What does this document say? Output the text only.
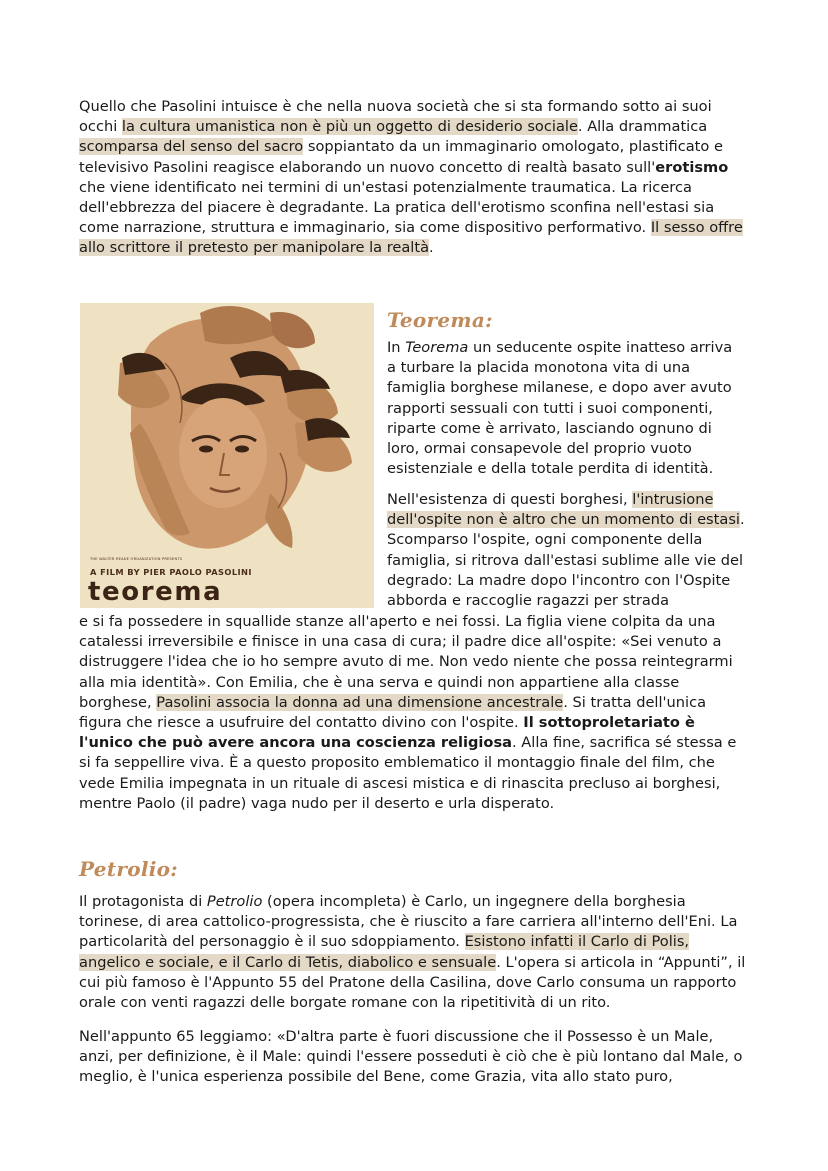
Quello che Pasolini intuisce è che nella nuova società che si sta formando sotto ai suoi occhi la cultura umanistica non è più un oggetto di desiderio sociale. Alla drammatica scomparsa del senso del sacro soppiantato da un immaginario omologato, plastificato e televisivo Pasolini reagisce elaborando un nuovo concetto di realtà basato sull'erotismo che viene identificato nei termini di un'estasi potenzialmente traumatica. La ricerca dell'ebbrezza del piacere è degradante. La pratica dell'erotismo sconfina nell'estasi sia come narrazione, struttura e immaginario, sia come dispositivo performativo. Il sesso offre allo scrittore il pretesto per manipolare la realtà.

THE WALTER READE ORGANIZATION PRESENTS

A FILM BY PIER PAOLO PASOLINI

teorema

Teorema:

In Teorema un seducente ospite inatteso arriva a turbare la placida monotona vita di una famiglia borghese milanese, e dopo aver avuto rapporti sessuali con tutti i suoi componenti, riparte come è arrivato, lasciando ognuno di loro, ormai consapevole del proprio vuoto esistenziale e della totale perdita di identità.

Nell'esistenza di questi borghesi, l'intrusione dell'ospite non è altro che un momento di estasi. Scomparso l'ospite, ogni componente della famiglia, si ritrova dall'estasi sublime alle vie del degrado: La madre dopo l'incontro con l'Ospite abborda e raccoglie ragazzi per strada

e si fa possedere in squallide stanze all'aperto e nei fossi. La figlia viene colpita da una catalessi irreversibile e finisce in una casa di cura; il padre dice all'ospite: «Sei venuto a distruggere l'idea che io ho sempre avuto di me. Non vedo niente che possa reintegrarmi alla mia identità». Con Emilia, che è una serva e quindi non appartiene alla classe borghese, Pasolini associa la donna ad una dimensione ancestrale. Si tratta dell'unica figura che riesce a usufruire del contatto divino con l'ospite. Il sottoproletariato è l'unico che può avere ancora una coscienza religiosa. Alla fine, sacrifica sé stessa e si fa seppellire viva. È a questo proposito emblematico il montaggio finale del film, che vede Emilia impegnata in un rituale di ascesi mistica e di rinascita precluso ai borghesi, mentre Paolo (il padre) vaga nudo per il deserto e urla disperato.

Petrolio:

Il protagonista di Petrolio (opera incompleta) è Carlo, un ingegnere della borghesia torinese, di area cattolico-progressista, che è riuscito a fare carriera all'interno dell'Eni. La particolarità del personaggio è il suo sdoppiamento. Esistono infatti il Carlo di Polis, angelico e sociale, e il Carlo di Tetis, diabolico e sensuale. L'opera si articola in “Appunti”, il cui più famoso è l'Appunto 55 del Pratone della Casilina, dove Carlo consuma un rapporto orale con venti ragazzi delle borgate romane con la ripetitività di un rito.

Nell'appunto 65 leggiamo: «D'altra parte è fuori discussione che il Possesso è un Male, anzi, per definizione, è il Male: quindi l'essere posseduti è ciò che è più lontano dal Male, o meglio, è l'unica esperienza possibile del Bene, come Grazia, vita allo stato puro,
